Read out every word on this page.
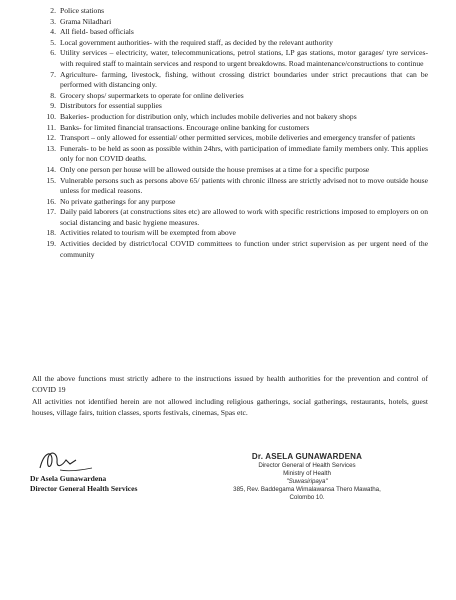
2. Police stations
3. Grama Niladhari
4. All field- based officials
5. Local government authorities- with the required staff, as decided by the relevant authority
6. Utility services – electricity, water, telecommunications, petrol stations, LP gas stations, motor garages/ tyre services- with required staff to maintain services and respond to urgent breakdowns. Road maintenance/constructions to continue
7. Agriculture- farming, livestock, fishing, without crossing district boundaries under strict precautions that can be performed with distancing only.
8. Grocery shops/ supermarkets to operate for online deliveries
9. Distributors for essential supplies
10. Bakeries- production for distribution only, which includes mobile deliveries and not bakery shops
11. Banks- for limited financial transactions. Encourage online banking for customers
12. Transport – only allowed for essential/ other permitted services, mobile deliveries and emergency transfer of patients
13. Funerals- to be held as soon as possible within 24hrs, with participation of immediate family members only. This applies only for non COVID deaths.
14. Only one person per house will be allowed outside the house premises at a time for a specific purpose
15. Vulnerable persons such as persons above 65/ patients with chronic illness are strictly advised not to move outside house unless for medical reasons.
16. No private gatherings for any purpose
17. Daily paid laborers (at constructions sites etc) are allowed to work with specific restrictions imposed to employers on on social distancing and basic hygiene measures.
18. Activities related to tourism will be exempted from above
19. Activities decided by district/local COVID committees to function under strict supervision as per urgent need of the community

All the above functions must strictly adhere to the instructions issued by health authorities for the prevention and control of COVID 19

All activities not identified herein are not allowed including religious gatherings, social gatherings, restaurants, hotels, guest houses, village fairs, tuition classes, sports festivals, cinemas, Spas etc.

Dr Asela Gunawardena
Director General Health Services
Dr. ASELA GUNAWARDENA
Director General of Health Services
Ministry of Health
"Suwasiripaya"
385, Rev. Baddegama Wimalawansa Thero Mawatha,
Colombo 10.
